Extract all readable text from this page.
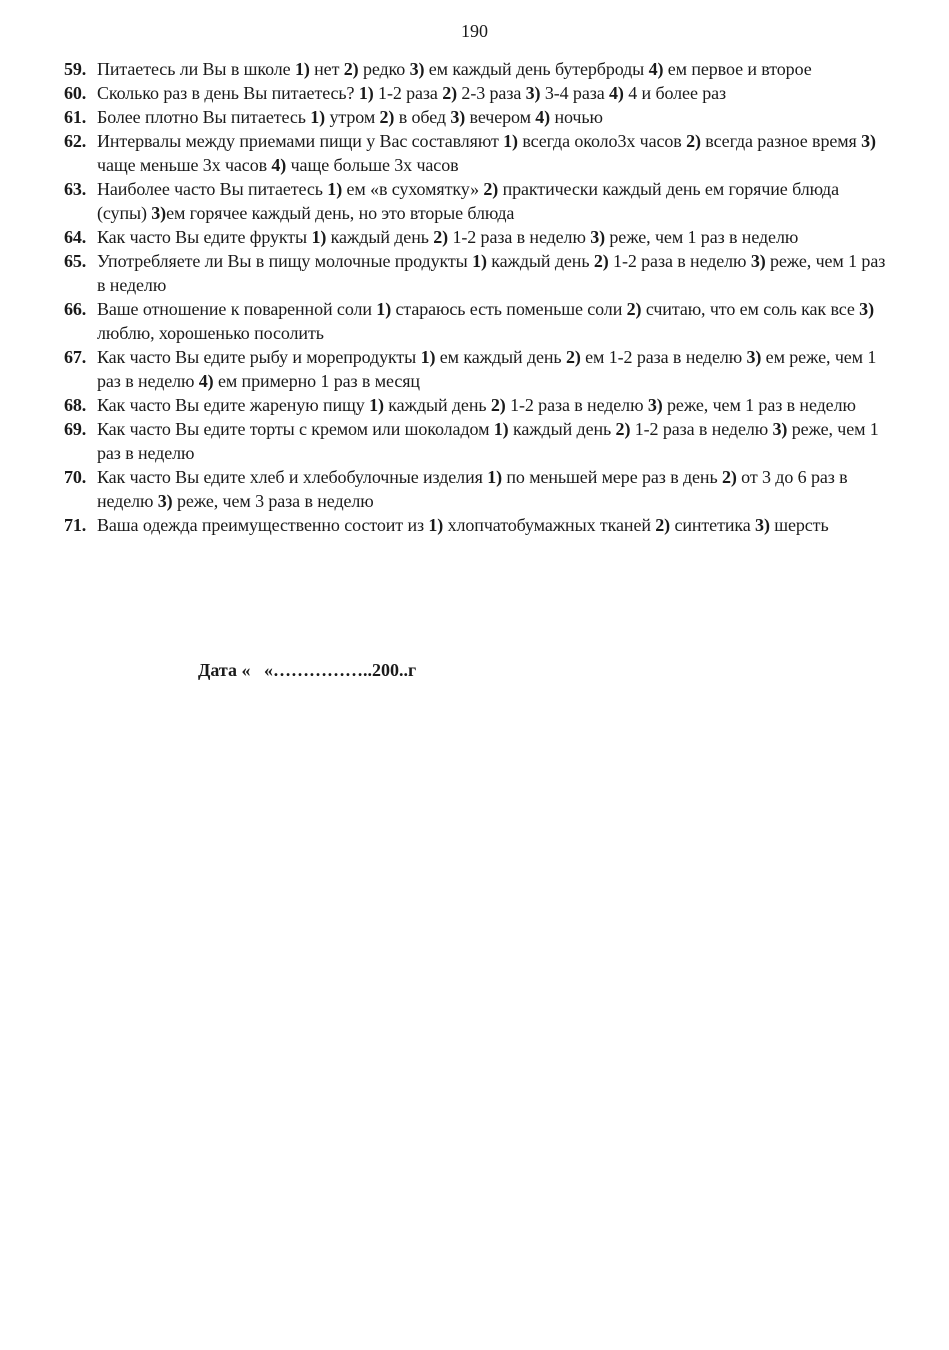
190
59. Питаетесь ли Вы в школе 1) нет 2) редко 3) ем каждый день бутерброды 4) ем первое и второе
60. Сколько раз в день Вы питаетесь? 1) 1-2 раза 2) 2-3 раза 3) 3-4 раза 4) 4 и более раз
61. Более плотно Вы питаетесь 1) утром 2) в обед 3) вечером 4) ночью
62. Интервалы между приемами пищи у Вас составляют 1) всегда около3х часов 2) всегда разное время 3) чаще меньше 3х часов 4) чаще больше 3х часов
63. Наиболее часто Вы питаетесь 1) ем «в сухомятку» 2) практически каждый день ем горячие блюда (супы) 3)ем горячее каждый день, но это вторые блюда
64. Как часто Вы едите фрукты 1) каждый день 2) 1-2 раза в неделю 3) реже, чем 1 раз в неделю
65. Употребляете ли Вы в пищу молочные продукты 1) каждый день 2) 1-2 раза в неделю 3) реже, чем 1 раз в неделю
66. Ваше отношение к поваренной соли 1) стараюсь есть поменьше соли 2) считаю, что ем соль как все 3) люблю, хорошенько посолить
67. Как часто Вы едите рыбу и морепродукты 1) ем каждый день 2) ем 1-2 раза в неделю 3) ем реже, чем 1 раз в неделю 4) ем примерно 1 раз в месяц
68. Как часто Вы едите жареную пищу 1) каждый день 2) 1-2 раза в неделю 3) реже, чем 1 раз в неделю
69. Как часто Вы едите торты с кремом или шоколадом 1) каждый день 2) 1-2 раза в неделю 3) реже, чем 1 раз в неделю
70. Как часто Вы едите хлеб и хлебобулочные изделия 1) по меньшей мере раз в день 2) от 3 до 6 раз в неделю 3) реже, чем 3 раза в неделю
71. Ваша одежда преимущественно состоит из 1) хлопчатобумажных тканей 2) синтетика 3) шерсть
Дата «   «……………..200..г
